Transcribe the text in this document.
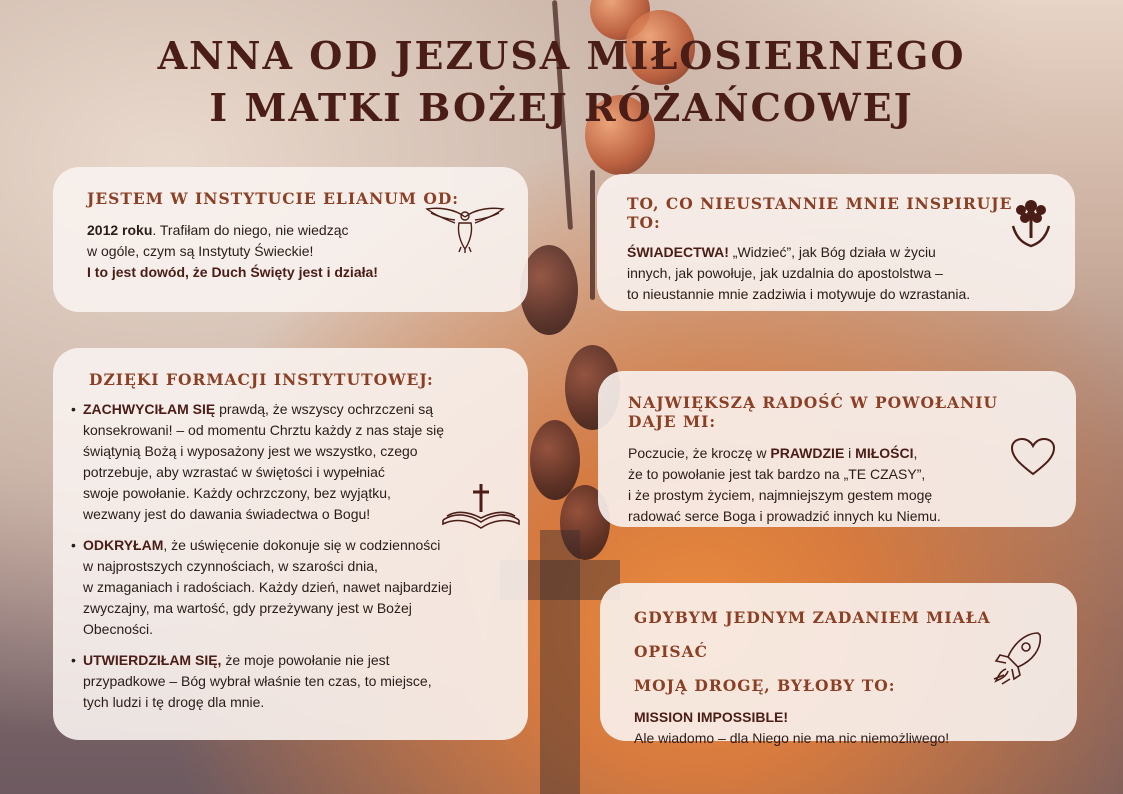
ANNA OD JEZUSA MIŁOSIERNEGO
I MATKI BOŻEJ RÓŻAŃCOWEJ
JESTEM W INSTYTUCIE ELIANUM OD:

2012 roku. Trafiłam do niego, nie wiedząc
w ogóle, czym są Instytuty Świeckie!
I to jest dowód, że Duch Święty jest i działa!

TO, CO NIEUSTANNIE MNIE INSPIRUJE TO:

ŚWIADECTWA! „Widzieć”, jak Bóg działa w życiu
innych, jak powołuje, jak uzdalnia do apostolstwa –
to nieustannie mnie zadziwia i motywuje do wzrastania.

DZIĘKI FORMACJI INSTYTUTOWEJ:
• ZACHWYCIŁAM SIĘ prawdą, że wszyscy ochrzczeni są
konsekrowani! – od momentu Chrztu każdy z nas staje się
świątynią Bożą i wyposażony jest we wszystko, czego
potrzebuje, aby wzrastać w świętości i wypełniać
swoje powołanie. Każdy ochrzczony, bez wyjątku,
wezwany jest do dawania świadectwa o Bogu!
• ODKRYŁAM, że uświęcenie dokonuje się w codzienności
w najprostszych czynnościach, w szarości dnia,
w zmaganiach i radościach. Każdy dzień, nawet najbardziej
zwyczajny, ma wartość, gdy przeżywany jest w Bożej
Obecności.
• UTWIERDZIŁAM SIĘ, że moje powołanie nie jest
przypadkowe – Bóg wybrał właśnie ten czas, to miejsce,
tych ludzi i tę drogę dla mnie.
NAJWIĘKSZĄ RADOŚĆ W POWOŁANIU DAJE MI:

Poczucie, że kroczę w PRAWDZIE i MIŁOŚCI,
że to powołanie jest tak bardzo na „TE CZASY”,
i że prostym życiem, najmniejszym gestem mogę
radować serce Boga i prowadzić innych ku Niemu.

GDYBYM JEDNYM ZADANIEM MIAŁA OPISAĆ
MOJĄ DROGĘ, BYŁOBY TO:

MISSION IMPOSSIBLE!
Ale wiadomo – dla Niego nie ma nic niemożliwego!
